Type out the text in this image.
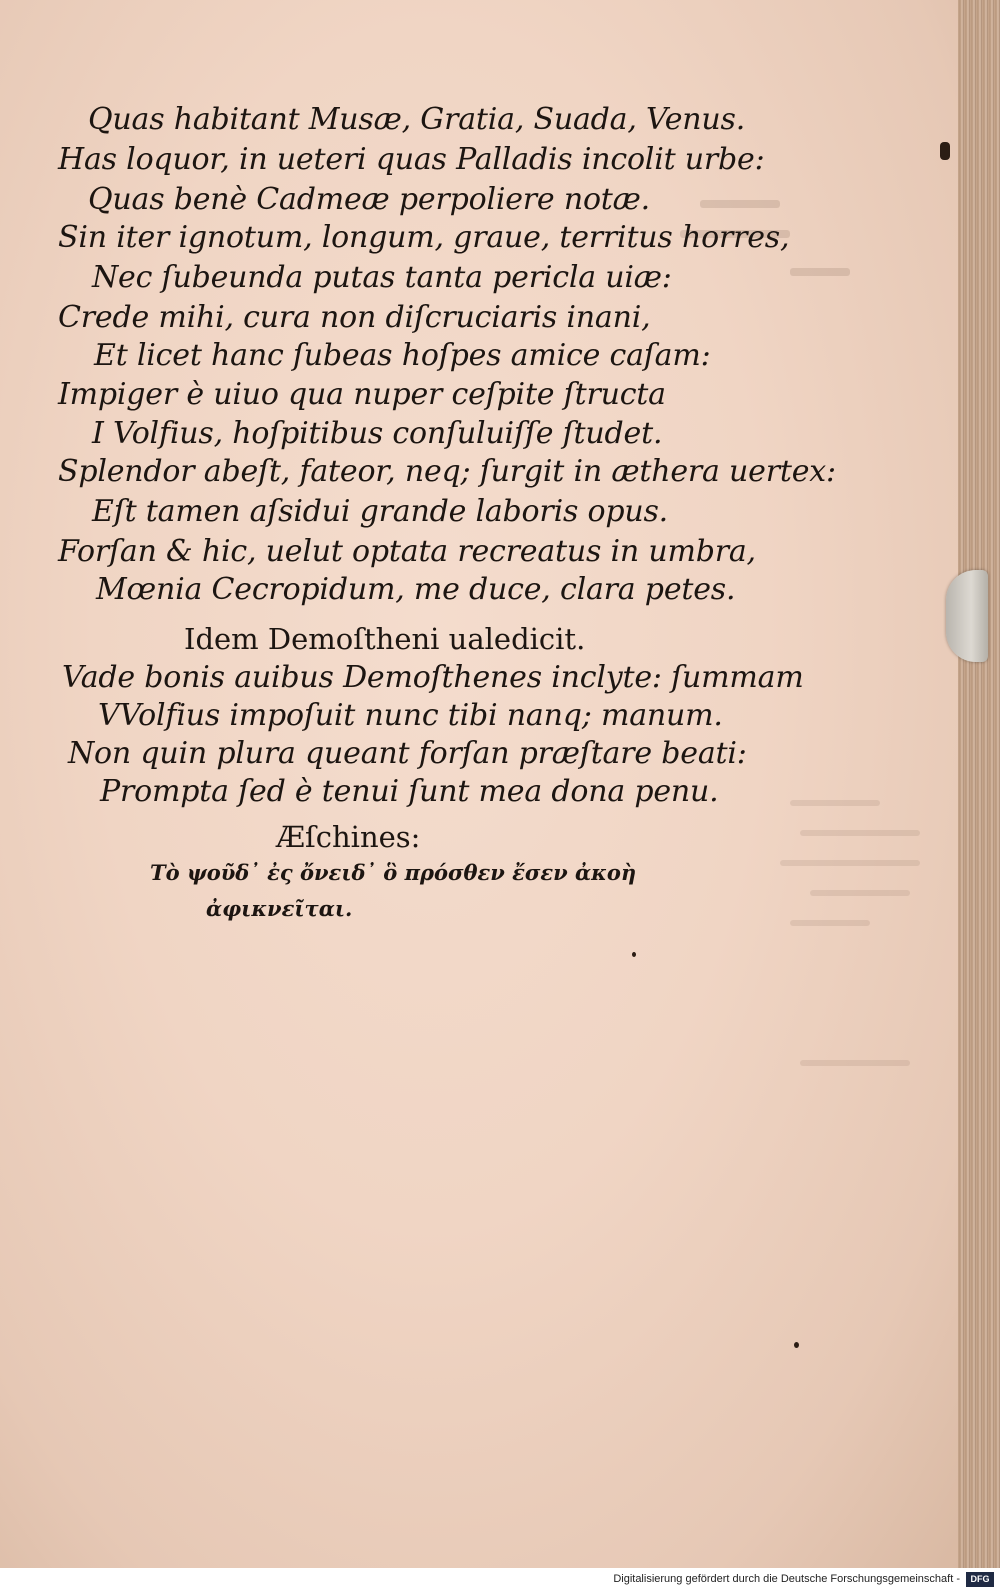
Quas habitant Musæ, Gratia, Suada, Venus.
Has loquor, in ueteri quas Palladis incolit urbe:
Quas benè Cadmeæ perpoliere notæ.
Sin iter ignotum, longum, graue, territus horres,
Nec ſubeunda putas tanta pericla uiæ:
Crede mihi, cura non diſcruciaris inani,
Et licet hanc ſubeas hoſpes amice caſam:
Impiger è uiuo qua nuper ceſpite ſtructa
I Volfius, hoſpitibus conſuluiſſe ſtudet.
Splendor abeſt, fateor, neq; ſurgit in æthera uertex:
Eſt tamen aſsidui grande laboris opus.
Forſan & hic, uelut optata recreatus in umbra,
Mœnia Cecropidum, me duce, clara petes.
Idem Demoſtheni ualedicit.
Vade bonis auibus Demoſthenes inclyte: ſummam
VVolfius impoſuit nunc tibi nanq; manum.
Non quin plura queant forſan præſtare beati:
Prompta ſed è tenui ſunt mea dona penu.
Æſchines:
Τὸ ψοῦδ᾽ ἐς ὄνειδ᾽ ὃ πρόσθεν ἔσεν ἀκοὴ
ἀφικνεῖται.
Digitalisierung gefördert durch die Deutsche Forschungsgemeinschaft -	DFG
